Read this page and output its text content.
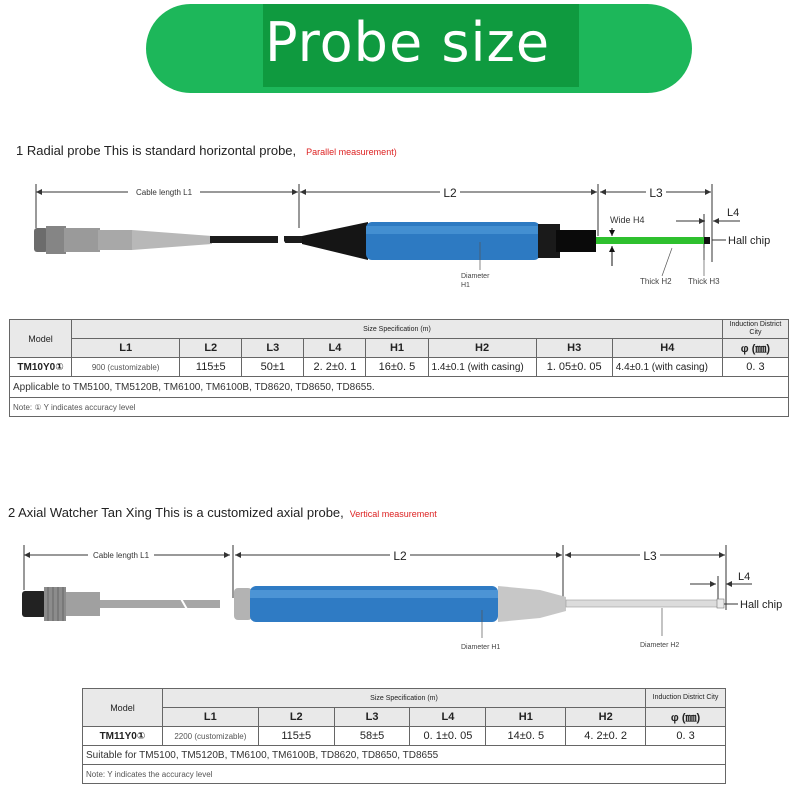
Probe size
1 Radial probe This is standard horizontal probe, Parallel measurement)
Cable length L1	L2	L3
L4
Wide H4
Hall chip
Diameter
H1	Thick H2 Thick H3
Model	Size Specification (m)								Induction District City
	L1	L2	L3	L4	H1	H2	H3	H4	φ (㎜)
TM10Y0①	900 (customizable)	115±5	50±1	2. 2±0. 1	16±0. 5	1.4±0.1 (with casing)	1. 05±0. 05	4.4±0.1 (with casing)	0. 3
Applicable to TM5100, TM5120B, TM6100, TM6100B, TD8620, TD8650, TD8655.									
Note: ① Y indicates accuracy level									
2 Axial Watcher Tan Xing This is a customized axial probe, Vertical measurement
Cable length L1	L2	L3
L4
Hall chip
Diameter H1	Diameter H2
Model	Size Specification (m)						Induction District City
	L1	L2	L3	L4	H1	H2	φ (㎜)
TM11Y0①	2200 (customizable)	115±5	58±5	0. 1±0. 05	14±0. 5	4. 2±0. 2	0. 3
Suitable for TM5100, TM5120B, TM6100, TM6100B, TD8620, TD8650, TD8655							
Note: Y indicates the accuracy level							
